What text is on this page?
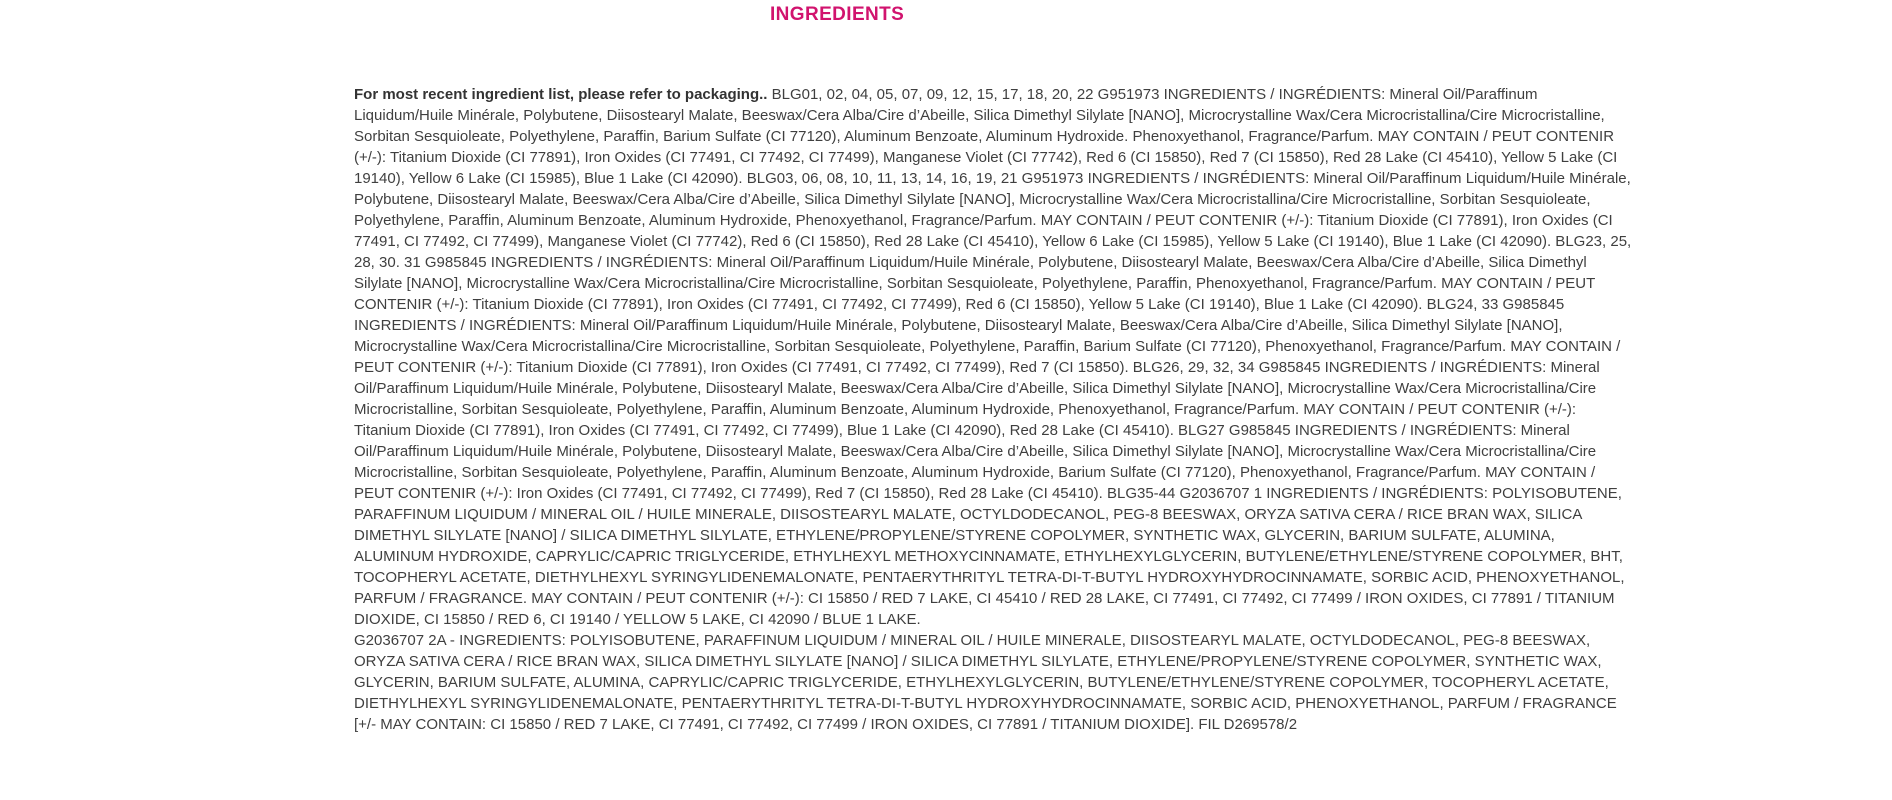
INGREDIENTS

For most recent ingredient list, please refer to packaging.. BLG01, 02, 04, 05, 07, 09, 12, 15, 17, 18, 20, 22 G951973 INGREDIENTS / INGRÉDIENTS: Mineral Oil/Paraffinum Liquidum/Huile Minérale, Polybutene, Diisostearyl Malate, Beeswax/Cera Alba/Cire d’Abeille, Silica Dimethyl Silylate [NANO], Microcrystalline Wax/Cera Microcristallina/Cire Microcristalline, Sorbitan Sesquioleate, Polyethylene, Paraffin, Barium Sulfate (CI 77120), Aluminum Benzoate, Aluminum Hydroxide. Phenoxyethanol, Fragrance/Parfum. MAY CONTAIN / PEUT CONTENIR (+/-): Titanium Dioxide (CI 77891), Iron Oxides (CI 77491, CI 77492, CI 77499), Manganese Violet (CI 77742), Red 6 (CI 15850), Red 7 (CI 15850), Red 28 Lake (CI 45410), Yellow 5 Lake (CI 19140), Yellow 6 Lake (CI 15985), Blue 1 Lake (CI 42090). BLG03, 06, 08, 10, 11, 13, 14, 16, 19, 21 G951973 INGREDIENTS / INGRÉDIENTS: Mineral Oil/Paraffinum Liquidum/Huile Minérale, Polybutene, Diisostearyl Malate, Beeswax/Cera Alba/Cire d’Abeille, Silica Dimethyl Silylate [NANO], Microcrystalline Wax/Cera Microcristallina/Cire Microcristalline, Sorbitan Sesquioleate, Polyethylene, Paraffin, Aluminum Benzoate, Aluminum Hydroxide, Phenoxyethanol, Fragrance/Parfum. MAY CONTAIN / PEUT CONTENIR (+/-): Titanium Dioxide (CI 77891), Iron Oxides (CI 77491, CI 77492, CI 77499), Manganese Violet (CI 77742), Red 6 (CI 15850), Red 28 Lake (CI 45410), Yellow 6 Lake (CI 15985), Yellow 5 Lake (CI 19140), Blue 1 Lake (CI 42090). BLG23, 25, 28, 30. 31 G985845 INGREDIENTS / INGRÉDIENTS: Mineral Oil/Paraffinum Liquidum/Huile Minérale, Polybutene, Diisostearyl Malate, Beeswax/Cera Alba/Cire d’Abeille, Silica Dimethyl Silylate [NANO], Microcrystalline Wax/Cera Microcristallina/Cire Microcristalline, Sorbitan Sesquioleate, Polyethylene, Paraffin, Phenoxyethanol, Fragrance/Parfum. MAY CONTAIN / PEUT CONTENIR (+/-): Titanium Dioxide (CI 77891), Iron Oxides (CI 77491, CI 77492, CI 77499), Red 6 (CI 15850), Yellow 5 Lake (CI 19140), Blue 1 Lake (CI 42090). BLG24, 33 G985845 INGREDIENTS / INGRÉDIENTS: Mineral Oil/Paraffinum Liquidum/Huile Minérale, Polybutene, Diisostearyl Malate, Beeswax/Cera Alba/Cire d’Abeille, Silica Dimethyl Silylate [NANO], Microcrystalline Wax/Cera Microcristallina/Cire Microcristalline, Sorbitan Sesquioleate, Polyethylene, Paraffin, Barium Sulfate (CI 77120), Phenoxyethanol, Fragrance/Parfum. MAY CONTAIN / PEUT CONTENIR (+/-): Titanium Dioxide (CI 77891), Iron Oxides (CI 77491, CI 77492, CI 77499), Red 7 (CI 15850). BLG26, 29, 32, 34 G985845 INGREDIENTS / INGRÉDIENTS: Mineral Oil/Paraffinum Liquidum/Huile Minérale, Polybutene, Diisostearyl Malate, Beeswax/Cera Alba/Cire d’Abeille, Silica Dimethyl Silylate [NANO], Microcrystalline Wax/Cera Microcristallina/Cire Microcristalline, Sorbitan Sesquioleate, Polyethylene, Paraffin, Aluminum Benzoate, Aluminum Hydroxide, Phenoxyethanol, Fragrance/Parfum. MAY CONTAIN / PEUT CONTENIR (+/-): Titanium Dioxide (CI 77891), Iron Oxides (CI 77491, CI 77492, CI 77499), Blue 1 Lake (CI 42090), Red 28 Lake (CI 45410). BLG27 G985845 INGREDIENTS / INGRÉDIENTS: Mineral Oil/Paraffinum Liquidum/Huile Minérale, Polybutene, Diisostearyl Malate, Beeswax/Cera Alba/Cire d’Abeille, Silica Dimethyl Silylate [NANO], Microcrystalline Wax/Cera Microcristallina/Cire Microcristalline, Sorbitan Sesquioleate, Polyethylene, Paraffin, Aluminum Benzoate, Aluminum Hydroxide, Barium Sulfate (CI 77120), Phenoxyethanol, Fragrance/Parfum. MAY CONTAIN / PEUT CONTENIR (+/-): Iron Oxides (CI 77491, CI 77492, CI 77499), Red 7 (CI 15850), Red 28 Lake (CI 45410). BLG35-44 G2036707 1 INGREDIENTS / INGRÉDIENTS: POLYISOBUTENE, PARAFFINUM LIQUIDUM / MINERAL OIL / HUILE MINERALE, DIISOSTEARYL MALATE, OCTYLDODECANOL, PEG-8 BEESWAX, ORYZA SATIVA CERA / RICE BRAN WAX, SILICA DIMETHYL SILYLATE [NANO] / SILICA DIMETHYL SILYLATE, ETHYLENE/PROPYLENE/STYRENE COPOLYMER, SYNTHETIC WAX, GLYCERIN, BARIUM SULFATE, ALUMINA, ALUMINUM HYDROXIDE, CAPRYLIC/CAPRIC TRIGLYCERIDE, ETHYLHEXYL METHOXYCINNAMATE, ETHYLHEXYLGLYCERIN, BUTYLENE/ETHYLENE/STYRENE COPOLYMER, BHT, TOCOPHERYL ACETATE, DIETHYLHEXYL SYRINGYLIDENEMALONATE, PENTAERYTHRITYL TETRA-DI-T-BUTYL HYDROXYHYDROCINNAMATE, SORBIC ACID, PHENOXYETHANOL, PARFUM / FRAGRANCE. MAY CONTAIN / PEUT CONTENIR (+/-): CI 15850 / RED 7 LAKE, CI 45410 / RED 28 LAKE, CI 77491, CI 77492, CI 77499 / IRON OXIDES, CI 77891 / TITANIUM DIOXIDE, CI 15850 / RED 6, CI 19140 / YELLOW 5 LAKE, CI 42090 / BLUE 1 LAKE.

G2036707 2A - INGREDIENTS: POLYISOBUTENE, PARAFFINUM LIQUIDUM / MINERAL OIL / HUILE MINERALE, DIISOSTEARYL MALATE, OCTYLDODECANOL, PEG-8 BEESWAX, ORYZA SATIVA CERA / RICE BRAN WAX, SILICA DIMETHYL SILYLATE [NANO] / SILICA DIMETHYL SILYLATE, ETHYLENE/PROPYLENE/STYRENE COPOLYMER, SYNTHETIC WAX, GLYCERIN, BARIUM SULFATE, ALUMINA, CAPRYLIC/CAPRIC TRIGLYCERIDE, ETHYLHEXYLGLYCERIN, BUTYLENE/ETHYLENE/STYRENE COPOLYMER, TOCOPHERYL ACETATE, DIETHYLHEXYL SYRINGYLIDENEMALONATE, PENTAERYTHRITYL TETRA-DI-T-BUTYL HYDROXYHYDROCINNAMATE, SORBIC ACID, PHENOXYETHANOL, PARFUM / FRAGRANCE [+/- MAY CONTAIN: CI 15850 / RED 7 LAKE, CI 77491, CI 77492, CI 77499 / IRON OXIDES, CI 77891 / TITANIUM DIOXIDE]. FIL D269578/2
